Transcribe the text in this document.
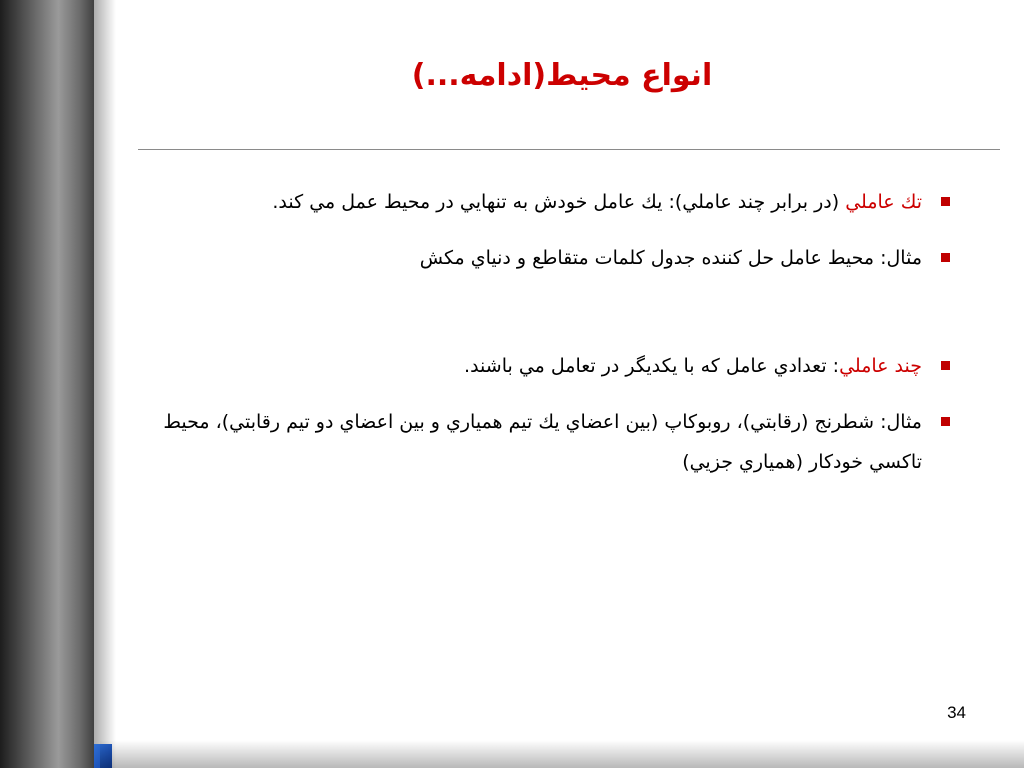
انواع محيط(ادامه...)
تك عاملي (در برابر چند عاملي): يك عامل خودش به تنهايي در محيط عمل مي كند.
مثال: محيط عامل حل كننده جدول كلمات متقاطع و دنياي مكش
چند عاملي: تعدادي عامل كه با يكديگر در تعامل مي باشند.
مثال: شطرنج (رقابتي)، روبوكاپ (بين اعضاي يك تيم همياري و بين اعضاي دو تيم رقابتي)، محيط تاكسي خودكار (همياري جزيي)
34
